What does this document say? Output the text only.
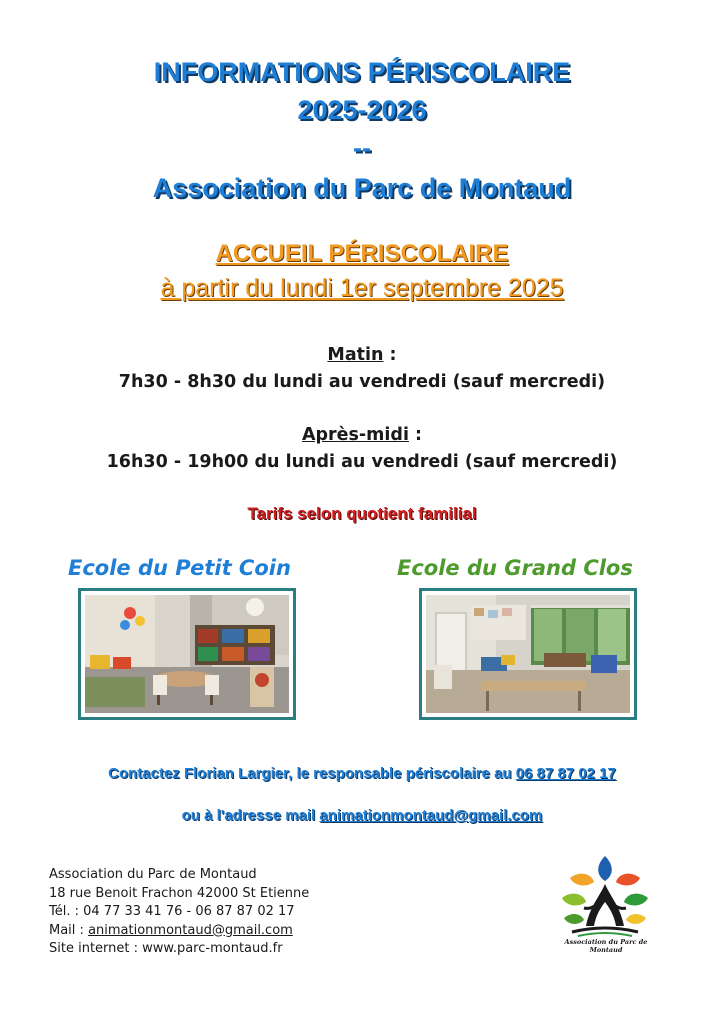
INFORMATIONS PÉRISCOLAIRE
2025-2026
--
Association du Parc de Montaud
ACCUEIL PÉRISCOLAIRE
à partir du lundi 1er septembre 2025
Matin :
7h30 - 8h30 du lundi au vendredi (sauf mercredi)
Après-midi :
16h30 - 19h00 du lundi au vendredi (sauf mercredi)
Tarifs selon quotient familial
Ecole du Petit Coin	Ecole du Grand Clos
Contactez Florian Largier, le responsable périscolaire au 06 87 87 02 17
ou à l'adresse mail animationmontaud@gmail.com
Association du Parc de Montaud
18 rue Benoit Frachon 42000 St Etienne
Tél. : 04 77 33 41 76 - 06 87 87 02 17
Mail : animationmontaud@gmail.com
Site internet : www.parc-montaud.fr	Association du Parc de Montaud
